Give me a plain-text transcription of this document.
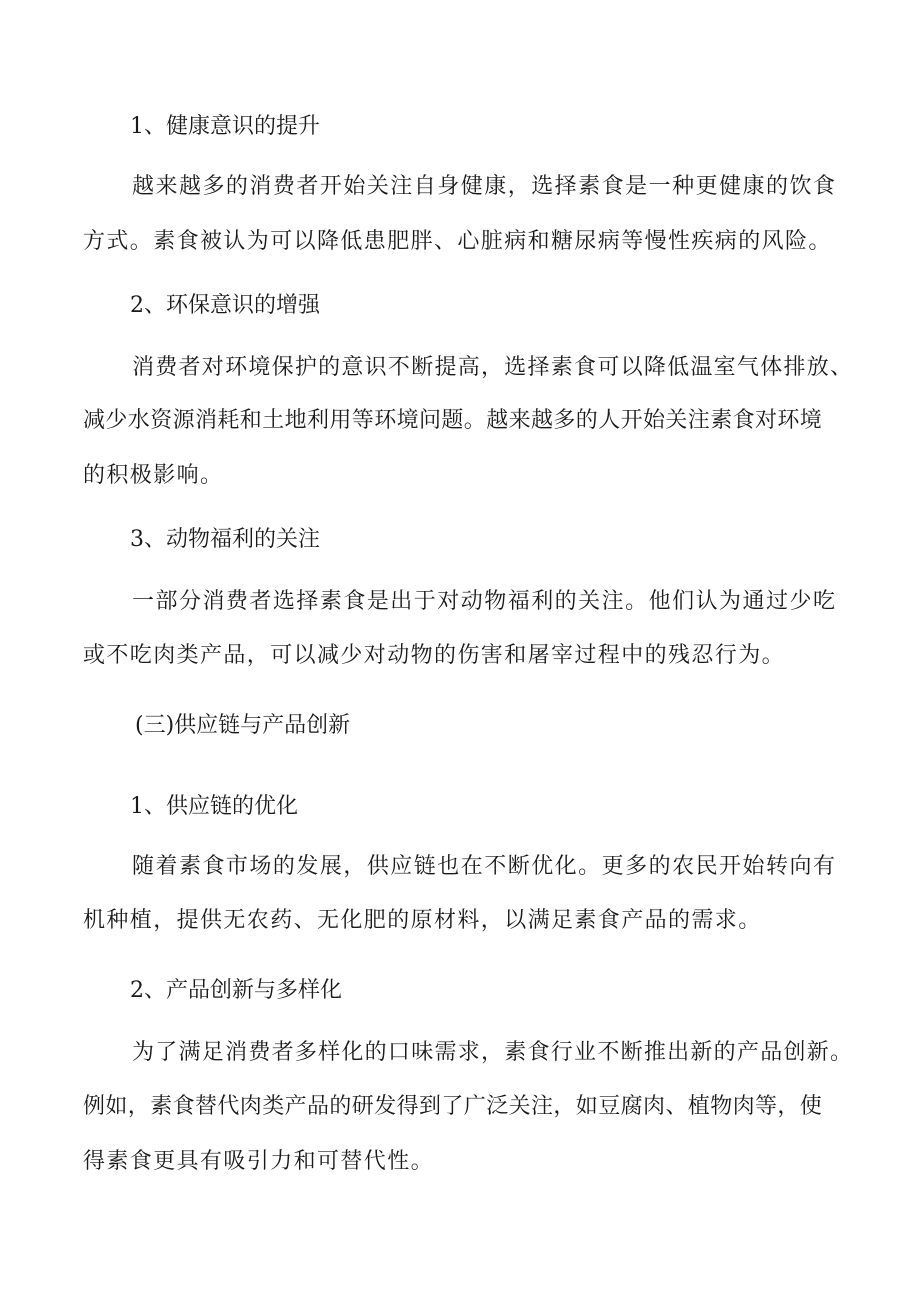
1、健康意识的提升
越来越多的消费者开始关注自身健康，选择素食是一种更健康的饮食
方式。素食被认为可以降低患肥胖、心脏病和糖尿病等慢性疾病的风险。
2、环保意识的增强
消费者对环境保护的意识不断提高，选择素食可以降低温室气体排放、
减少水资源消耗和土地利用等环境问题。越来越多的人开始关注素食对环境
的积极影响。
3、动物福利的关注
一部分消费者选择素食是出于对动物福利的关注。他们认为通过少吃
或不吃肉类产品，可以减少对动物的伤害和屠宰过程中的残忍行为。
(三)供应链与产品创新
1、供应链的优化
随着素食市场的发展，供应链也在不断优化。更多的农民开始转向有
机种植，提供无农药、无化肥的原材料，以满足素食产品的需求。
2、产品创新与多样化
为了满足消费者多样化的口味需求，素食行业不断推出新的产品创新。
例如，素食替代肉类产品的研发得到了广泛关注，如豆腐肉、植物肉等，使
得素食更具有吸引力和可替代性。
